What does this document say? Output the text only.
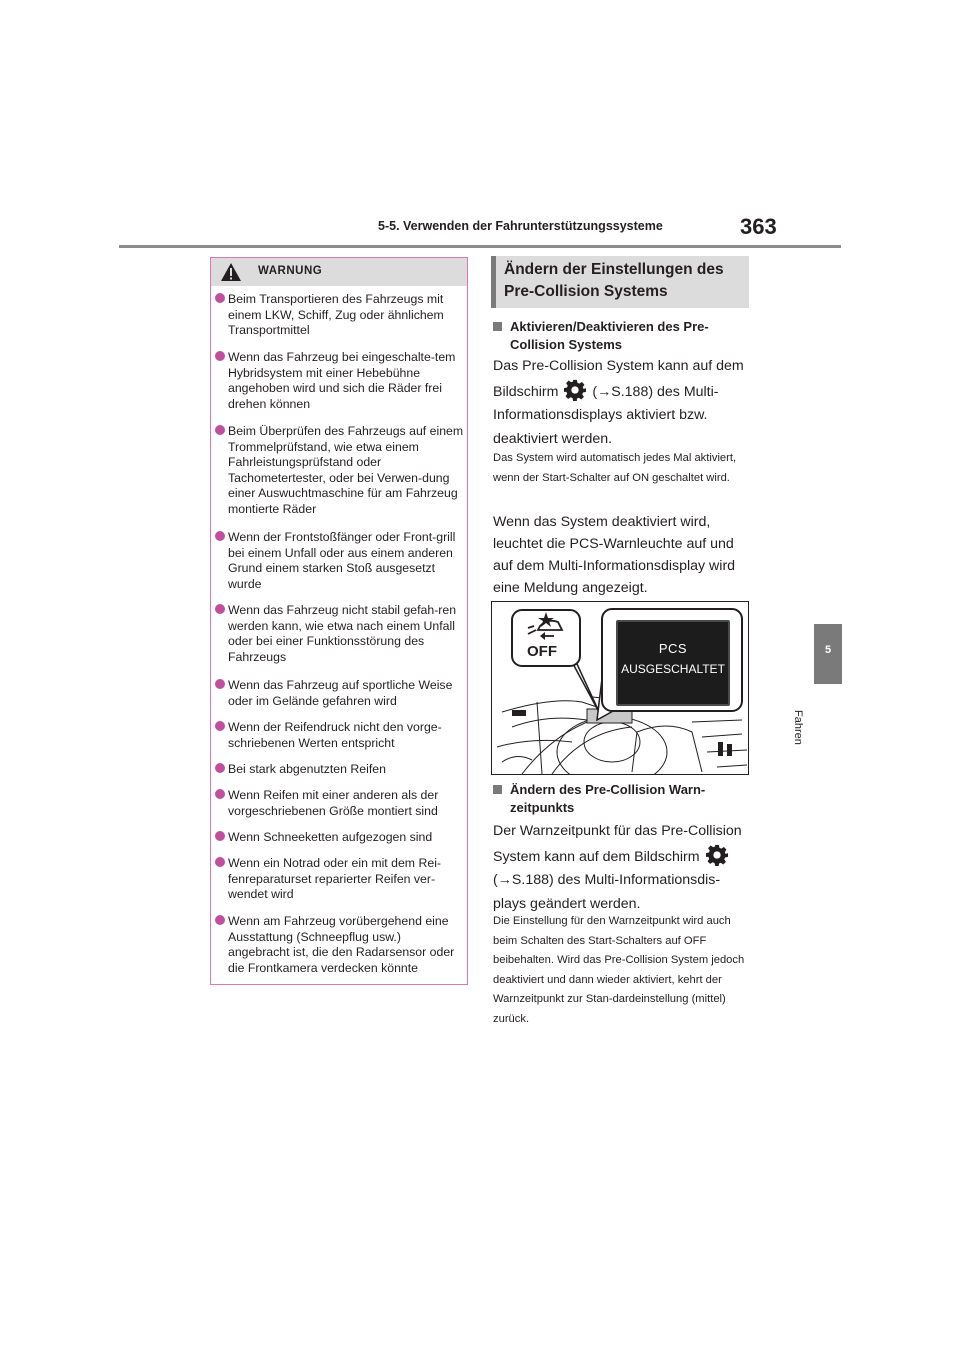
5-5. Verwenden der Fahrunterstützungssysteme	363
5
Fahren
WARNUNG
Beim Transportieren des Fahrzeugs mit einem LKW, Schiff, Zug oder ähnlichem Transportmittel
Wenn das Fahrzeug bei eingeschalte-tem Hybridsystem mit einer Hebebühne angehoben wird und sich die Räder frei drehen können
Beim Überprüfen des Fahrzeugs auf einem Trommelprüfstand, wie etwa einem Fahrleistungsprüfstand oder Tachometertester, oder bei Verwen-dung einer Auswuchtmaschine für am Fahrzeug montierte Räder
Wenn der Frontstoßfänger oder Front-grill bei einem Unfall oder aus einem anderen Grund einem starken Stoß ausgesetzt wurde
Wenn das Fahrzeug nicht stabil gefah-ren werden kann, wie etwa nach einem Unfall oder bei einer Funktionsstörung des Fahrzeugs
Wenn das Fahrzeug auf sportliche Weise oder im Gelände gefahren wird
Wenn der Reifendruck nicht den vorge-schriebenen Werten entspricht
Bei stark abgenutzten Reifen
Wenn Reifen mit einer anderen als der vorgeschriebenen Größe montiert sind
Wenn Schneeketten aufgezogen sind
Wenn ein Notrad oder ein mit dem Rei-fenreparaturset reparierter Reifen ver-wendet wird
Wenn am Fahrzeug vorübergehend eine Ausstattung (Schneepflug usw.) angebracht ist, die den Radarsensor oder die Frontkamera verdecken könnte
Ändern der Einstellungen des Pre-Collision Systems
Aktivieren/Deaktivieren des Pre-Collision Systems
Das Pre-Collision System kann auf dem Bildschirm (→S.188) des Multi-Informationsdisplays aktiviert bzw. deaktiviert werden.
Das System wird automatisch jedes Mal aktiviert, wenn der Start-Schalter auf ON geschaltet wird.
Wenn das System deaktiviert wird, leuchtet die PCS-Warnleuchte auf und auf dem Multi-Informationsdisplay wird eine Meldung angezeigt.
PCS
AUSGESCHALTET
OFF
Ändern des Pre-Collision Warn-zeitpunkts
Der Warnzeitpunkt für das Pre-Collision System kann auf dem Bildschirm  (→S.188) des Multi-Informationsdis-plays geändert werden.
Die Einstellung für den Warnzeitpunkt wird auch beim Schalten des Start-Schalters auf OFF beibehalten. Wird das Pre-Collision System jedoch deaktiviert und dann wieder aktiviert, kehrt der Warnzeitpunkt zur Stan-dardeinstellung (mittel) zurück.
